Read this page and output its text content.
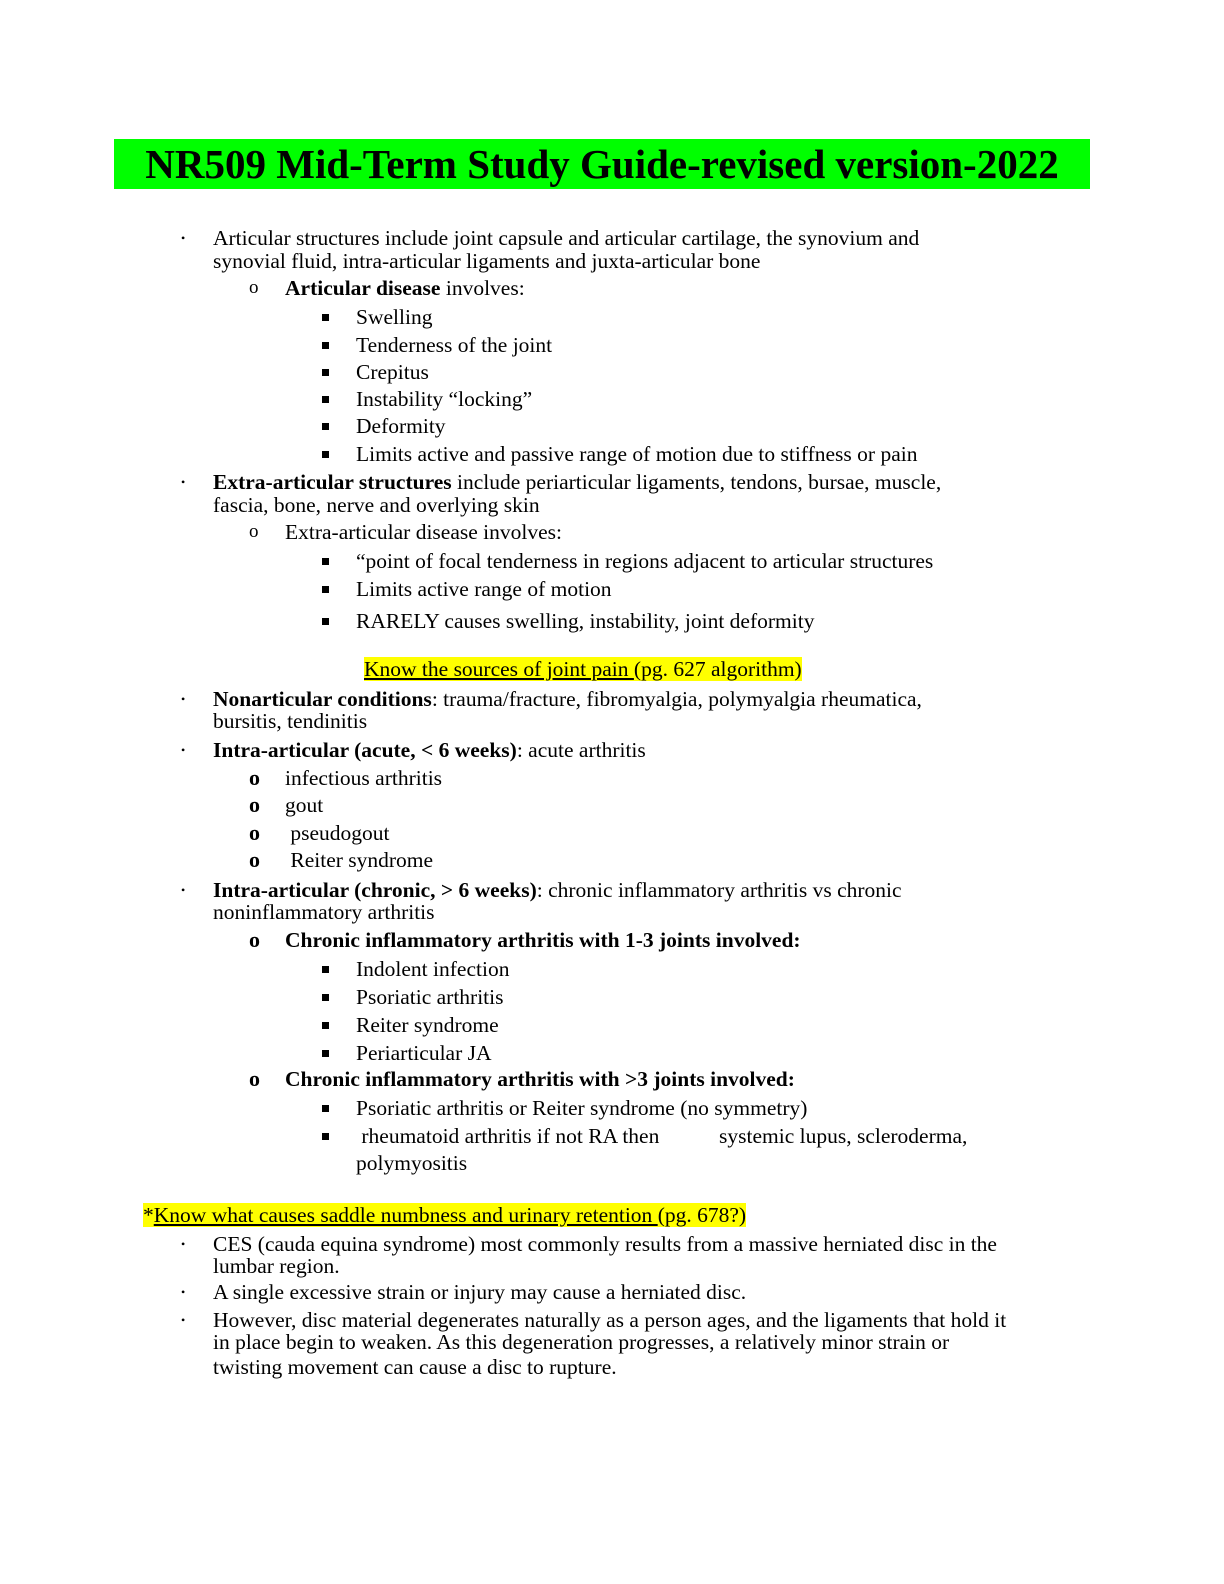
NR509 Mid-Term Study Guide-revised version-2022
• Articular structures include joint capsule and articular cartilage, the synovium and
synovial fluid, intra-articular ligaments and juxta-articular bone
o Articular disease involves:
Swelling
Tenderness of the joint
Crepitus
Instability “locking”
Deformity
Limits active and passive range of motion due to stiffness or pain
• Extra-articular structures include periarticular ligaments, tendons, bursae, muscle,
fascia, bone, nerve and overlying skin
o Extra-articular disease involves:
“point of focal tenderness in regions adjacent to articular structures
Limits active range of motion
RARELY causes swelling, instability, joint deformity
Know the sources of joint pain (pg. 627 algorithm)
• Nonarticular conditions: trauma/fracture, fibromyalgia, polymyalgia rheumatica,
bursitis, tendinitis
• Intra-articular (acute, < 6 weeks): acute arthritis
o infectious arthritis
o gout
o pseudogout
o Reiter syndrome
• Intra-articular (chronic, > 6 weeks): chronic inflammatory arthritis vs chronic
noninflammatory arthritis
o Chronic inflammatory arthritis with 1-3 joints involved:
Indolent infection
Psoriatic arthritis
Reiter syndrome
Periarticular JA
o Chronic inflammatory arthritis with >3 joints involved:
Psoriatic arthritis or Reiter syndrome (no symmetry)
rheumatoid arthritis if not RA then	systemic lupus, scleroderma,
polymyositis
*Know what causes saddle numbness and urinary retention (pg. 678?)
• CES (cauda equina syndrome) most commonly results from a massive herniated disc in the
lumbar region.
• A single excessive strain or injury may cause a herniated disc.
• However, disc material degenerates naturally as a person ages, and the ligaments that hold it
in place begin to weaken. As this degeneration progresses, a relatively minor strain or
twisting movement can cause a disc to rupture.
